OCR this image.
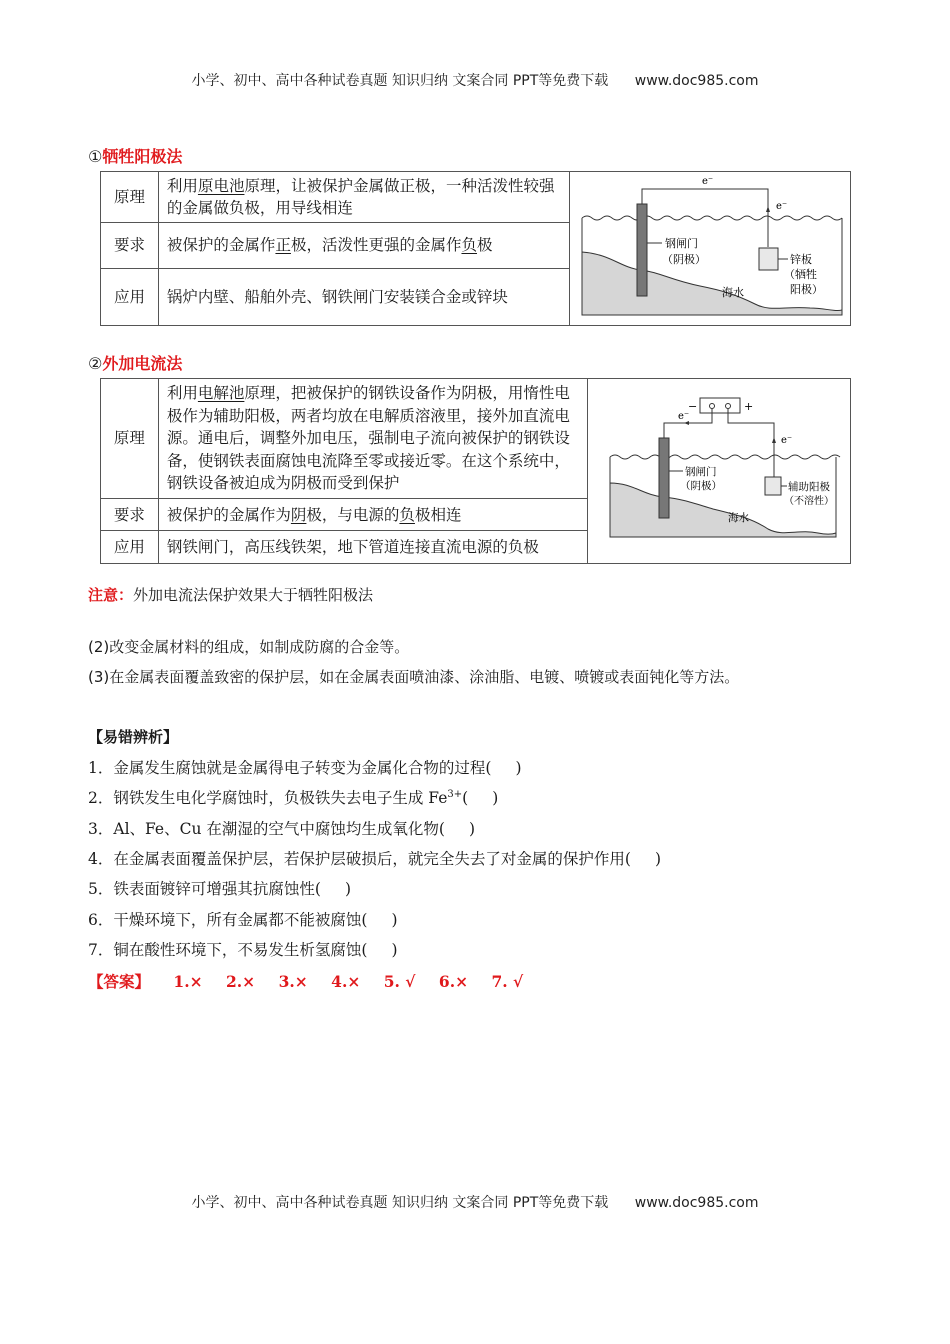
小学、初中、高中各种试卷真题 知识归纳 文案合同 PPT等免费下载 www.doc985.com
①牺牲阳极法
原理	利用原电池原理，让被保护金属做正极，一种活泼性较强的金属做负极，用导线相连	
e⁻
e⁻
钢闸门
（阴极）	锌板
（牺牲
阳极）
海水

要求	被保护的金属作正极，活泼性更强的金属作负极	
应用	锅炉内壁、船舶外壳、钢铁闸门安装镁合金或锌块	
②外加电流法
原理	利用电解池原理，把被保护的钢铁设备作为阴极，用惰性电极作为辅助阳极，两者均放在电解质溶液里，接外加直流电源。通电后，调整外加电压，强制电子流向被保护的钢铁设备，使钢铁表面腐蚀电流降至零或接近零。在这个系统中，钢铁设备被迫成为阴极而受到保护	
−	+
e⁻
e⁻
钢闸门
（阴极）	辅助阳极
（不溶性）
海水

要求	被保护的金属作为阴极，与电源的负极相连	
应用	钢铁闸门，高压线铁架，地下管道连接直流电源的负极	
注意：外加电流法保护效果大于牺牲阳极法
(2)改变金属材料的组成，如制成防腐的合金等。
(3)在金属表面覆盖致密的保护层，如在金属表面喷油漆、涂油脂、电镀、喷镀或表面钝化等方法。
【易错辨析】
1．金属发生腐蚀就是金属得电子转变为金属化合物的过程( )
2．钢铁发生电化学腐蚀时，负极铁失去电子生成 $Fe^{3+}$( )
3．Al、Fe、Cu 在潮湿的空气中腐蚀均生成氧化物( )
4．在金属表面覆盖保护层，若保护层破损后，就完全失去了对金属的保护作用( )
5．铁表面镀锌可增强其抗腐蚀性( )
6．干燥环境下，所有金属都不能被腐蚀( )
7．铜在酸性环境下，不易发生析氢腐蚀( )
【答案】 1.× 2.× 3.× 4.× 5. √ 6.× 7. √
小学、初中、高中各种试卷真题 知识归纳 文案合同 PPT等免费下载 www.doc985.com
